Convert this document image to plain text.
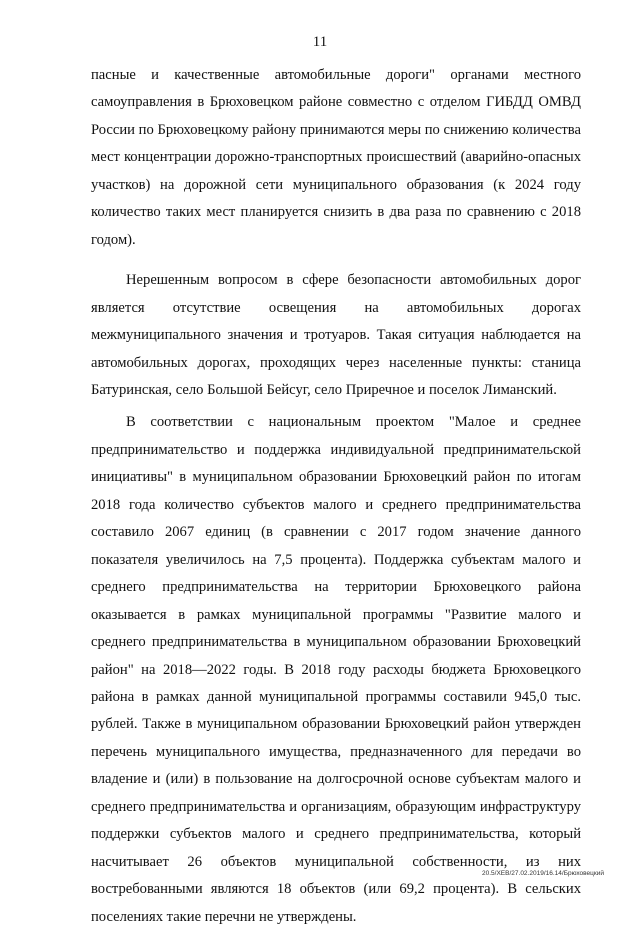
11

пасные и качественные автомобильные дороги" органами местного самоуправления в Брюховецком районе совместно с отделом ГИБДД ОМВД России по Брюховецкому району принимаются меры по снижению количества мест концентрации дорожно-транспортных происшествий (аварийно-опасных участков) на дорожной сети муниципального образования (к 2024 году количество таких мест планируется снизить в два раза по сравнению с 2018 годом).

Нерешенным вопросом в сфере безопасности автомобильных дорог является отсутствие освещения на автомобильных дорогах межмуниципального значения и тротуаров. Такая ситуация наблюдается на автомобильных дорогах, проходящих через населенные пункты: станица Батуринская, село Большой Бейсуг, село Приречное и поселок Лиманский.

В соответствии с национальным проектом "Малое и среднее предпринимательство и поддержка индивидуальной предпринимательской инициативы" в муниципальном образовании Брюховецкий район по итогам 2018 года количество субъектов малого и среднего предпринимательства составило 2067 единиц (в сравнении с 2017 годом значение данного показателя увеличилось на 7,5 процента). Поддержка субъектам малого и среднего предпринимательства на территории Брюховецкого района оказывается в рамках муниципальной программы "Развитие малого и среднего предпринимательства в муниципальном образовании Брюховецкий район" на 2018—2022 годы. В 2018 году расходы бюджета Брюховецкого района в рамках данной муниципальной программы составили 945,0 тыс. рублей. Также в муниципальном образовании Брюховецкий район утвержден перечень муниципального имущества, предназначенного для передачи во владение и (или) в пользование на долгосрочной основе субъектам малого и среднего предпринимательства и организациям, образующим инфраструктуру поддержки субъектов малого и среднего предпринимательства, который насчитывает 26 объектов муниципальной собственности, из них востребованными являются 18 объектов (или 69,2 процента). В сельских поселениях такие перечни не утверждены.

20.5/ХЕВ/27.02.2019/16.14/Брюховецкий
